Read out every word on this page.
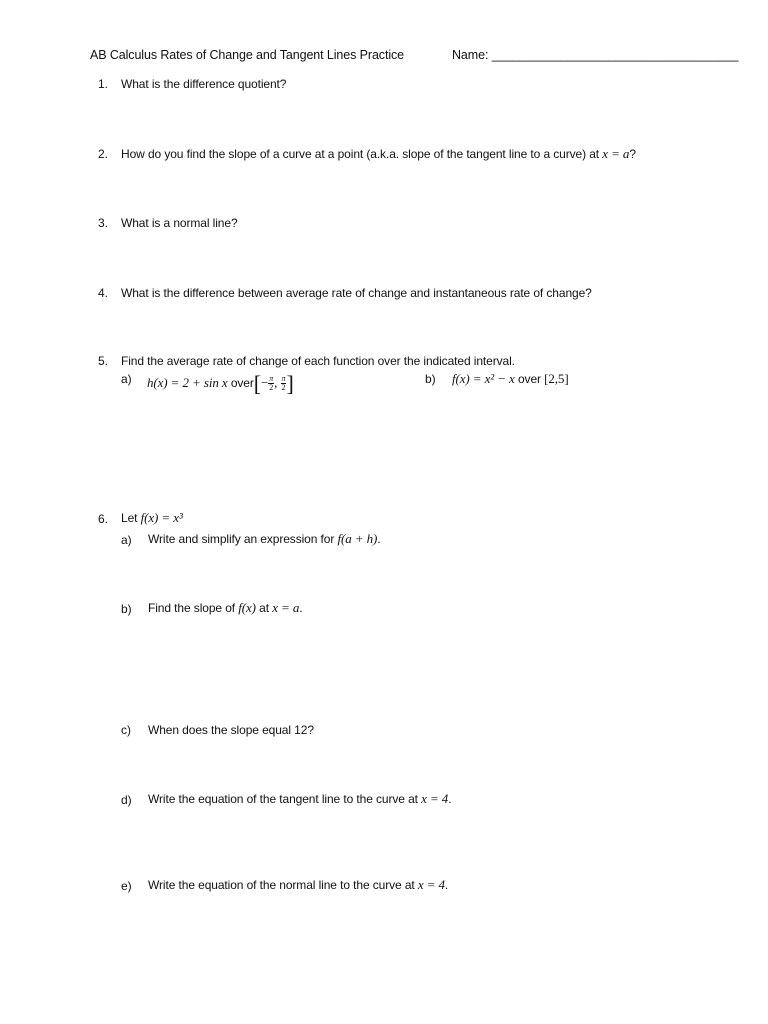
AB Calculus Rates of Change and Tangent Lines Practice	Name: ____________________________________
1. What is the difference quotient?
2. How do you find the slope of a curve at a point (a.k.a. slope of the tangent line to a curve) at x = a?
3. What is a normal line?
4. What is the difference between average rate of change and instantaneous rate of change?
5. Find the average rate of change of each function over the indicated interval.
a) h(x) = 2 + sin x over[− $\frac{\pi}{2}$ , $\frac{\pi}{2}$ ]	b) f(x) = x² − x over [2,5]
6. Let f(x) = x³
a) Write and simplify an expression for f(a + h).
b) Find the slope of f(x) at x = a.
c) When does the slope equal 12?
d) Write the equation of the tangent line to the curve at x = 4.
e) Write the equation of the normal line to the curve at x = 4.
